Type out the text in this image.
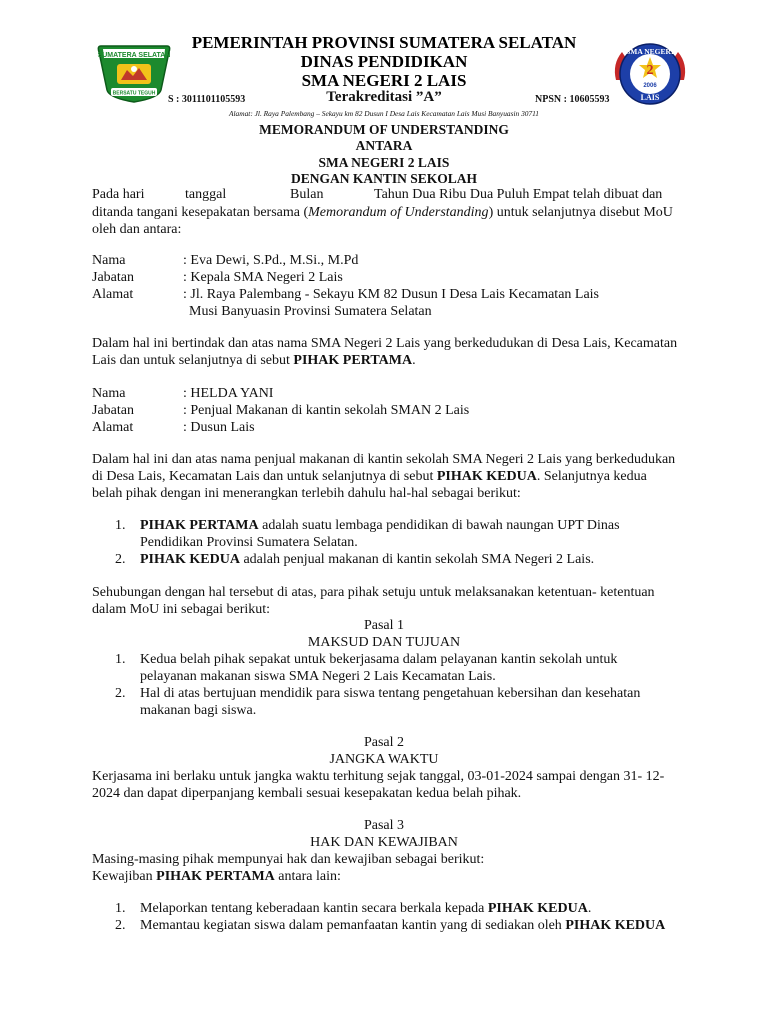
SUMATERA SELATAN
BERSATU TEGUH
SMA NEGERI
2
2006
LAIS
PEMERINTAH PROVINSI SUMATERA SELATAN
DINAS PENDIDIKAN
SMA NEGERI 2 LAIS
S : 3011101105593	Terakreditasi ”A”	NPSN : 10605593
Alamat: Jl. Raya Palembang – Sekayu km 82 Dusun I Desa Lais Kecamatan Lais Musi Banyuasin 30711
MEMORANDUM OF UNDERSTANDING
ANTARA
SMA NEGERI 2 LAIS
DENGAN KANTIN SEKOLAH
Pada hari	tanggal	Bulan	Tahun Dua Ribu Dua Puluh Empat telah dibuat dan
ditanda tangani kesepakatan bersama (Memorandum of Understanding) untuk selanjutnya disebut MoU
oleh dan antara:
Nama	: Eva Dewi, S.Pd., M.Si., M.Pd
Jabatan	: Kepala SMA Negeri 2 Lais
Alamat	: Jl. Raya Palembang - Sekayu KM 82 Dusun I Desa Lais Kecamatan Lais
Musi Banyuasin Provinsi Sumatera Selatan
Dalam hal ini bertindak dan atas nama SMA Negeri 2 Lais yang berkedudukan di Desa Lais, Kecamatan
Lais dan untuk selanjutnya di sebut PIHAK PERTAMA.
Nama	: HELDA YANI
Jabatan	: Penjual Makanan di kantin sekolah SMAN 2 Lais
Alamat	: Dusun Lais
Dalam hal ini dan atas nama penjual makanan di kantin sekolah SMA Negeri 2 Lais yang berkedudukan
di Desa Lais, Kecamatan Lais dan untuk selanjutnya di sebut PIHAK KEDUA. Selanjutnya kedua
belah pihak dengan ini menerangkan terlebih dahulu hal-hal sebagai berikut:
1. PIHAK PERTAMA adalah suatu lembaga pendidikan di bawah naungan UPT Dinas
Pendidikan Provinsi Sumatera Selatan.
2. PIHAK KEDUA adalah penjual makanan di kantin sekolah SMA Negeri 2 Lais.
Sehubungan dengan hal tersebut di atas, para pihak setuju untuk melaksanakan ketentuan- ketentuan
dalam MoU ini sebagai berikut:
Pasal 1
MAKSUD DAN TUJUAN
1. Kedua belah pihak sepakat untuk bekerjasama dalam pelayanan kantin sekolah untuk
pelayanan makanan siswa SMA Negeri 2 Lais Kecamatan Lais.
2. Hal di atas bertujuan mendidik para siswa tentang pengetahuan kebersihan dan kesehatan
makanan bagi siswa.
Pasal 2
JANGKA WAKTU
Kerjasama ini berlaku untuk jangka waktu terhitung sejak tanggal, 03-01-2024 sampai dengan 31- 12-
2024 dan dapat diperpanjang kembali sesuai kesepakatan kedua belah pihak.
Pasal 3
HAK DAN KEWAJIBAN
Masing-masing pihak mempunyai hak dan kewajiban sebagai berikut:
Kewajiban PIHAK PERTAMA antara lain:
1. Melaporkan tentang keberadaan kantin secara berkala kepada PIHAK KEDUA.
2. Memantau kegiatan siswa dalam pemanfaatan kantin yang di sediakan oleh PIHAK KEDUA
